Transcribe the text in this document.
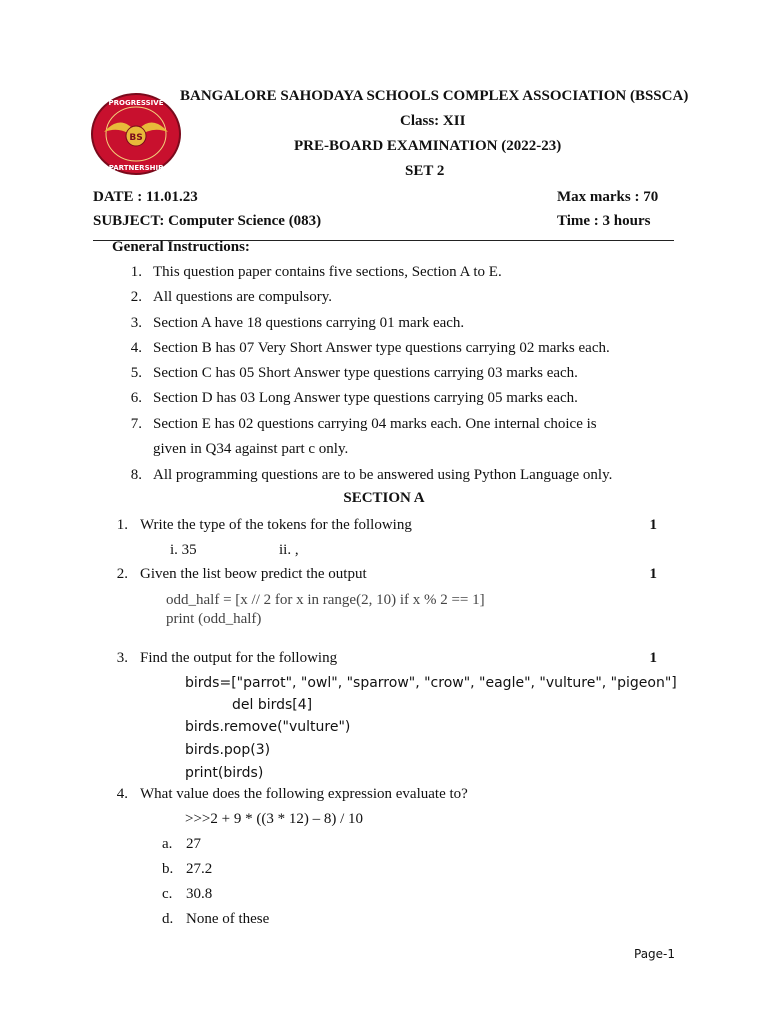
BS
PROGRESSIVE
PARTNERSHIP
BANGALORE SAHODAYA SCHOOLS COMPLEX ASSOCIATION (BSSCA)
Class: XII
PRE-BOARD EXAMINATION (2022-23)
SET 2
DATE : 11.01.23	Max marks : 70
SUBJECT: Computer Science (083)	Time : 3 hours
General Instructions:
1. This question paper contains five sections, Section A to E.
2. All questions are compulsory.
3. Section A have 18 questions carrying 01 mark each.
4. Section B has 07 Very Short Answer type questions carrying 02 marks each.
5. Section C has 05 Short Answer type questions carrying 03 marks each.
6. Section D has 03 Long Answer type questions carrying 05 marks each.
7. Section E has 02 questions carrying 04 marks each. One internal choice is
given in Q34 against part c only.
8. All programming questions are to be answered using Python Language only.
SECTION A
1. Write the type of the tokens for the following	1
i. 35	ii. ,
2. Given the list beow predict the output	1
odd_half = [x // 2 for x in range(2, 10) if x % 2 == 1]
print (odd_half)
3. Find the output for the following	1
birds=["parrot", "owl", "sparrow", "crow", "eagle", "vulture", "pigeon"]
del birds[4]
birds.remove("vulture")
birds.pop(3)
print(birds)
4. What value does the following expression evaluate to?
>>>2 + 9 * ((3 * 12) – 8) / 10
a. 27
b. 27.2
c. 30.8
d. None of these
Page-1
